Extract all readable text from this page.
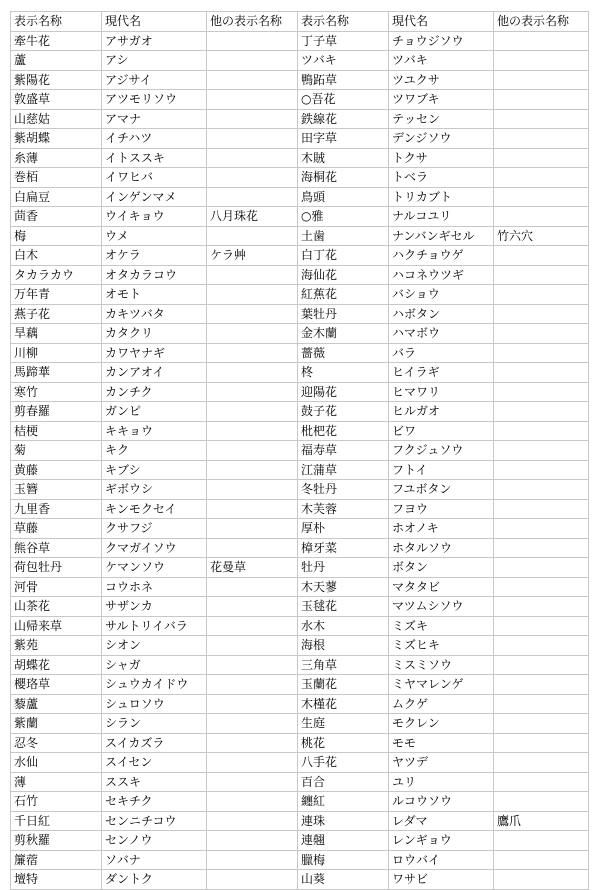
表示名称	現代名	他の表示名称	表示名称	現代名	他の表示名称
牽牛花	アサガオ		丁子草	チョウジソウ	
蘆	アシ		ツバキ	ツバキ	
紫陽花	アジサイ		鴨跖草	ツユクサ	
敦盛草	アツモリソウ		○吾花	ツワブキ	
山慈姑	アマナ		鉄線花	テッセン	
紫胡蝶	イチハツ		田字草	デンジソウ	
糸薄	イトススキ		木賊	トクサ	
巻栢	イワヒバ		海桐花	トベラ	
白扁豆	インゲンマメ		鳥頭	トリカブト	
茴香	ウイキョウ	八月珠花	○雅	ナルコユリ	
梅	ウメ		土歯	ナンバンギセル	竹六穴
白木	オケラ	ケラ艸	白丁花	ハクチョウゲ	
タカラカウ	オタカラコウ		海仙花	ハコネウツギ	
万年青	オモト		紅蕉花	バショウ	
燕子花	カキツバタ		葉牡丹	ハボタン	
旱藕	カタクリ		金木蘭	ハマボウ	
川柳	カワヤナギ		薔薇	バラ	
馬蹄華	カンアオイ		柊	ヒイラギ	
寒竹	カンチク		迎陽花	ヒマワリ	
剪春羅	ガンピ		鼓子花	ヒルガオ	
桔梗	キキョウ		枇杷花	ビワ	
菊	キク		福寿草	フクジュソウ	
黄藤	キブシ		江蒲草	フトイ	
玉簪	ギボウシ		冬牡丹	フユボタン	
九里香	キンモクセイ		木芙蓉	フヨウ	
草藤	クサフジ		厚朴	ホオノキ	
熊谷草	クマガイソウ		樟牙菜	ホタルソウ	
荷包牡丹	ケマンソウ	花曼草	牡丹	ボタン	
河骨	コウホネ		木天蓼	マタタビ	
山茶花	サザンカ		玉毬花	マツムシソウ	
山帰来草	サルトリイバラ		水木	ミズキ	
紫苑	シオン		海根	ミズヒキ	
胡蝶花	シャガ		三角草	ミスミソウ	
櫻珞草	シュウカイドウ		玉蘭花	ミヤマレンゲ	
藜蘆	シュロソウ		木槿花	ムクゲ	
紫蘭	シラン		生庭	モクレン	
忍冬	スイカズラ		桃花	モモ	
水仙	スイセン		八手花	ヤツデ	
薄	ススキ		百合	ユリ	
石竹	セキチク		纏紅	ルコウソウ	
千日紅	センニチコウ		連珠	レダマ	鷹爪
剪秋羅	センノウ		連翹	レンギョウ	
簾蓿	ソバナ		臘梅	ロウバイ	
壇特	ダントク		山葵	ワサビ	
